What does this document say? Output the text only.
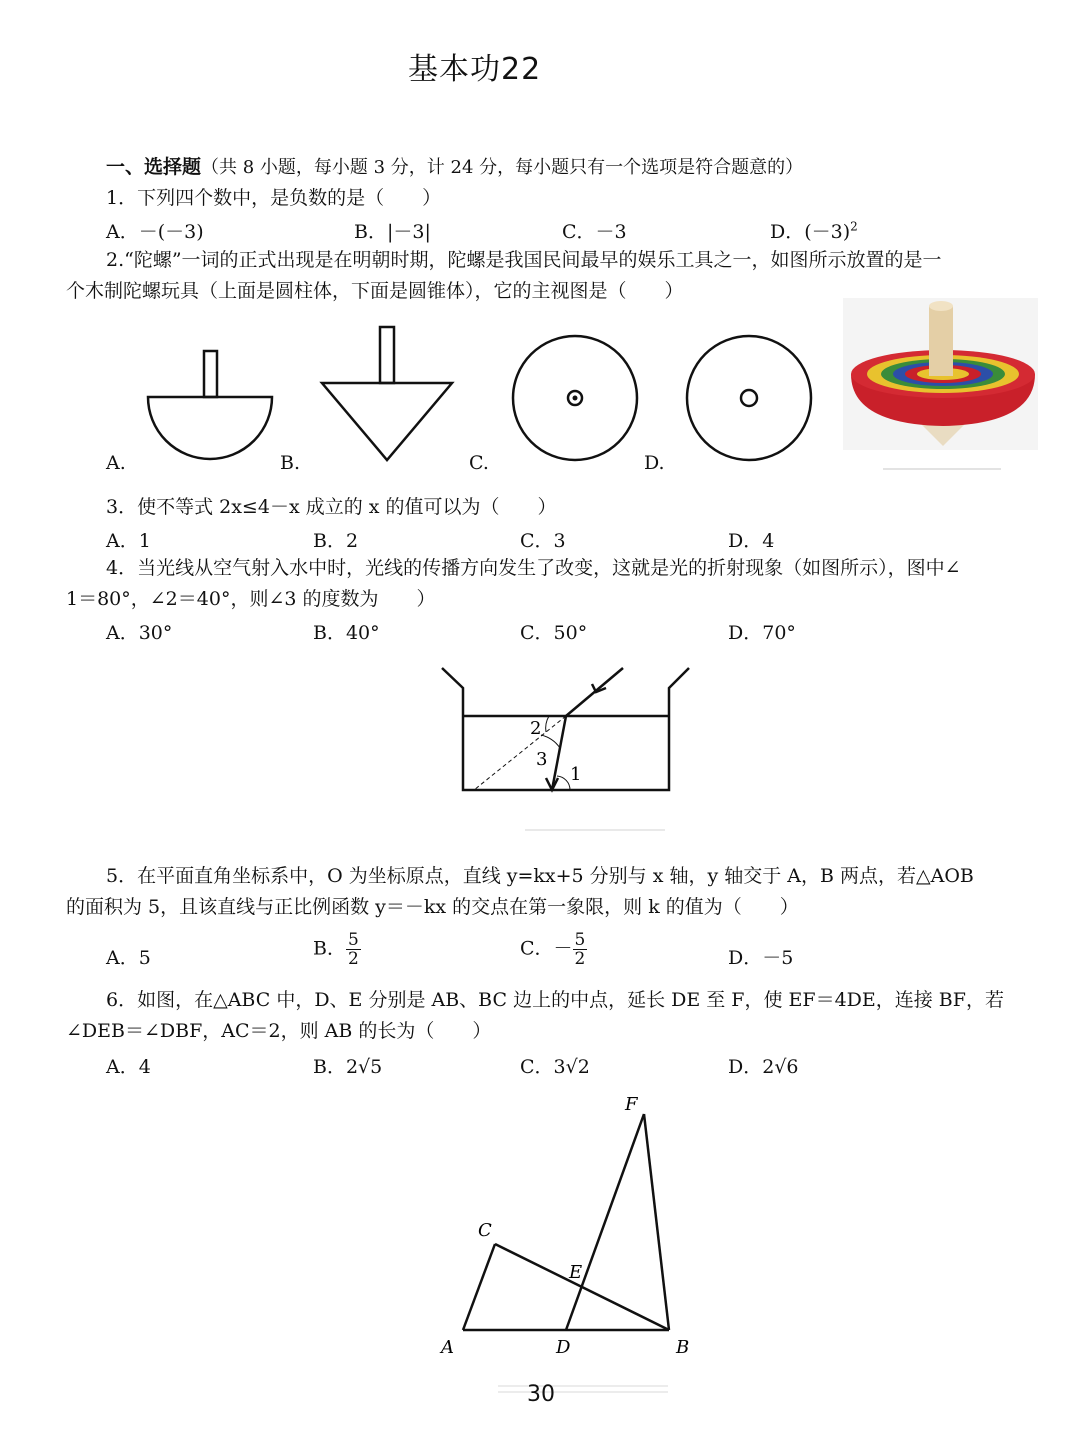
基本功22
一、选择题（共 8 小题，每小题 3 分，计 24 分，每小题只有一个选项是符合题意的）
1．下列四个数中，是负数的是（　　）
A．－(－3)	B．|－3|	C．－3	D．$(-3)^2$
2.“陀螺”一词的正式出现是在明朝时期，陀螺是我国民间最早的娱乐工具之一，如图所示放置的是一
个木制陀螺玩具（上面是圆柱体，下面是圆锥体），它的主视图是（　　）
A.	B.	C.	D.
3．使不等式 2x≤4－x 成立的 x 的值可以为（　　）
A．1	B．2	C．3	D．4
4．当光线从空气射入水中时，光线的传播方向发生了改变，这就是光的折射现象（如图所示），图中∠
1＝80°，∠2＝40°，则∠3 的度数为　　）
A．30°	B．40°	C．50°	D．70°
2
3
1
5．在平面直角坐标系中，O 为坐标原点，直线 y=kx+5 分别与 x 轴，y 轴交于 A，B 两点，若△AOB
的面积为 5，且该直线与正比例函数 y＝－kx 的交点在第一象限，则 k 的值为（　　）
A．5	B． $\frac{5}{2}$	C．－ $\frac{5}{2}$	D．－5
6．如图，在△ABC 中，D、E 分别是 AB、BC 边上的中点，延长 DE 至 F，使 EF＝4DE，连接 BF，若
∠DEB＝∠DBF，AC＝2，则 AB 的长为（　　）
A．4	B．2√5	C．3√2	D．2√6
F
C
E
A	D	B
30
